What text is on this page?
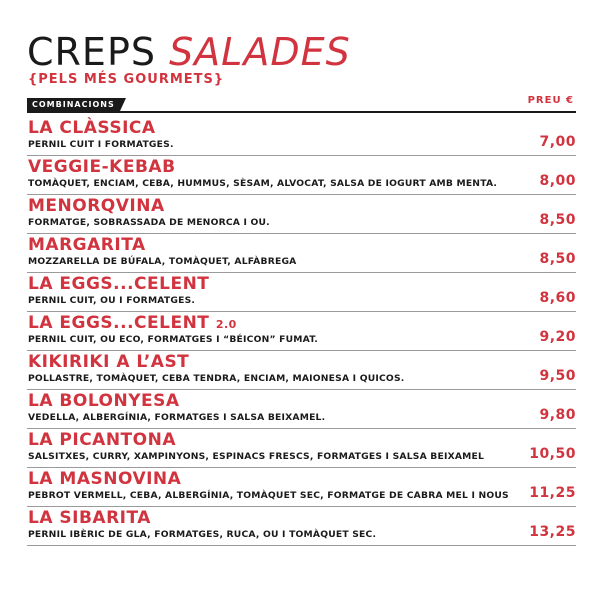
CREPS SALADES
{PELS MÉS GOURMETS}
COMBINACIONS	PREU €
LA CLÀSSICA
PERNIL CUIT I FORMATGES.	7,00
VEGGIE-KEBAB
TOMÀQUET, ENCIAM, CEBA, HUMMUS, SÈSAM, ALVOCAT, SALSA DE IOGURT AMB MENTA.	8,00
MENORQVINA
FORMATGE, SOBRASSADA DE MENORCA I OU.	8,50
MARGARITA
MOZZARELLA DE BÚFALA, TOMÀQUET, ALFÀBREGA	8,50
LA EGGS...CELENT
PERNIL CUIT, OU I FORMATGES.	8,60
LA EGGS...CELENT 2.0
PERNIL CUIT, OU ECO, FORMATGES I “BÉICON” FUMAT.	9,20
KIKIRIKI A L’AST
POLLASTRE, TOMÀQUET, CEBA TENDRA, ENCIAM, MAIONESA I QUICOS.	9,50
LA BOLONYESA
VEDELLA, ALBERGÍNIA, FORMATGES I SALSA BEIXAMEL.	9,80
LA PICANTONA
SALSITXES, CURRY, XAMPINYONS, ESPINACS FRESCS, FORMATGES I SALSA BEIXAMEL	10,50
LA MASNOVINA
PEBROT VERMELL, CEBA, ALBERGÍNIA, TOMÀQUET SEC, FORMATGE DE CABRA MEL I NOUS 11,25
LA SIBARITA
PERNIL IBÈRIC DE GLA, FORMATGES, RUCA, OU I TOMÀQUET SEC.	13,25
